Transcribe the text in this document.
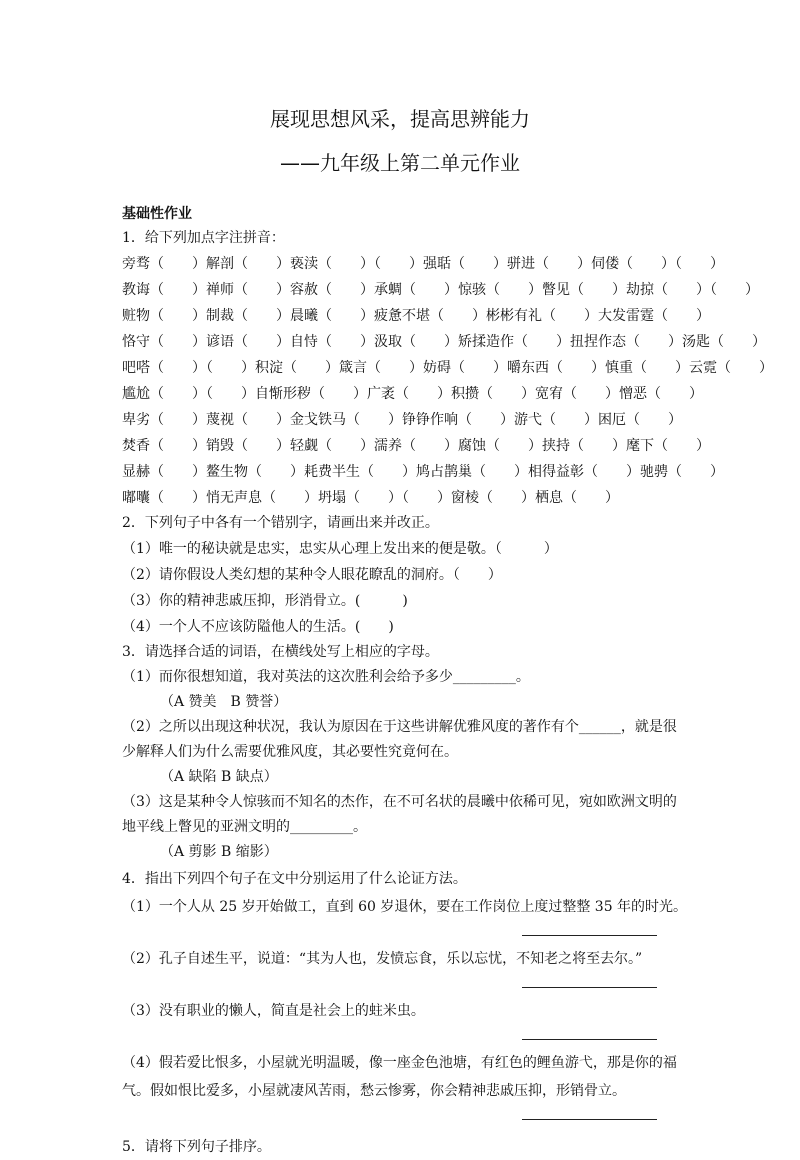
展现思想风采，提高思辨能力
——九年级上第二单元作业
基础性作业
1．给下列加点字注拼音：
旁骛（　　）解剖（　　）亵渎（　　）（　　）强聒（　　）骈进（　　）伺偻（　　）（　　）
教诲（　　）禅师（　　）容赦（　　）承蜩（　　）惊骇（　　）瞥见（　　）劫掠（　　）（　　）
赃物（　　）制裁（　　）晨曦（　　）疲惫不堪（　　）彬彬有礼（　　）大发雷霆（　　）
恪守（　　）谚语（　　）自恃（　　）汲取（　　）矫揉造作（　　）扭捏作态（　　）汤匙（　　）
吧嗒（　　）（　　）积淀（　　）箴言（　　）妨碍（　　）嚼东西（　　）慎重（　　）云霓（　　）
尴尬（　　）（　　）自惭形秽（　　）广袤（　　）积攒（　　）宽宥（　　）憎恶（　　）
卑劣（　　）蔑视（　　）金戈铁马（　　）铮铮作响（　　）游弋（　　）困厄（　　）
焚香（　　）销毁（　　）轻觑（　　）濡养（　　）腐蚀（　　）挟持（　　）麾下（　　）
显赫（　　）鳌生物（　　）耗费半生（　　）鸠占鹊巢（　　）相得益彰（　　）驰骋（　　）
嘟囔（　　）悄无声息（　　）坍塌（　　）（　　）窗棱（　　）栖息（　　）
2．下列句子中各有一个错别字，请画出来并改正。
（1）唯一的秘诀就是忠实，忠实从心理上发出来的便是敬。（　　　）
（2）请你假设人类幻想的某种令人眼花瞭乱的洞府。（　　）
（3）你的精神悲戚压抑，形消骨立。(　　　)
（4）一个人不应该防隘他人的生活。(　　)
3．请选择合适的词语，在横线处写上相应的字母。
（1）而你很想知道，我对英法的这次胜利会给予多少_________。
（A 赞美　B 赞誉）
（2）之所以出现这种状况，我认为原因在于这些讲解优雅风度的著作有个______，就是很少解释人们为什么需要优雅风度，其必要性究竟何在。
（A 缺陷 B 缺点）
（3）这是某种令人惊骇而不知名的杰作，在不可名状的晨曦中依稀可见，宛如欧洲文明的地平线上瞥见的亚洲文明的_________。
（A 剪影 B 缩影）
4．指出下列四个句子在文中分别运用了什么论证方法。
（1）一个人从 25 岁开始做工，直到 60 岁退休，要在工作岗位上度过整整 35 年的时光。
（2）孔子自述生平，说道：“其为人也，发愤忘食，乐以忘忧，不知老之将至去尔。”
（3）没有职业的懒人，简直是社会上的蛀米虫。
（4）假若爱比恨多，小屋就光明温暖，像一座金色池塘，有红色的鲤鱼游弋，那是你的福气。假如恨比爱多，小屋就凄风苦雨，愁云惨雾，你会精神悲戚压抑，形销骨立。
5．请将下列句子排序。
